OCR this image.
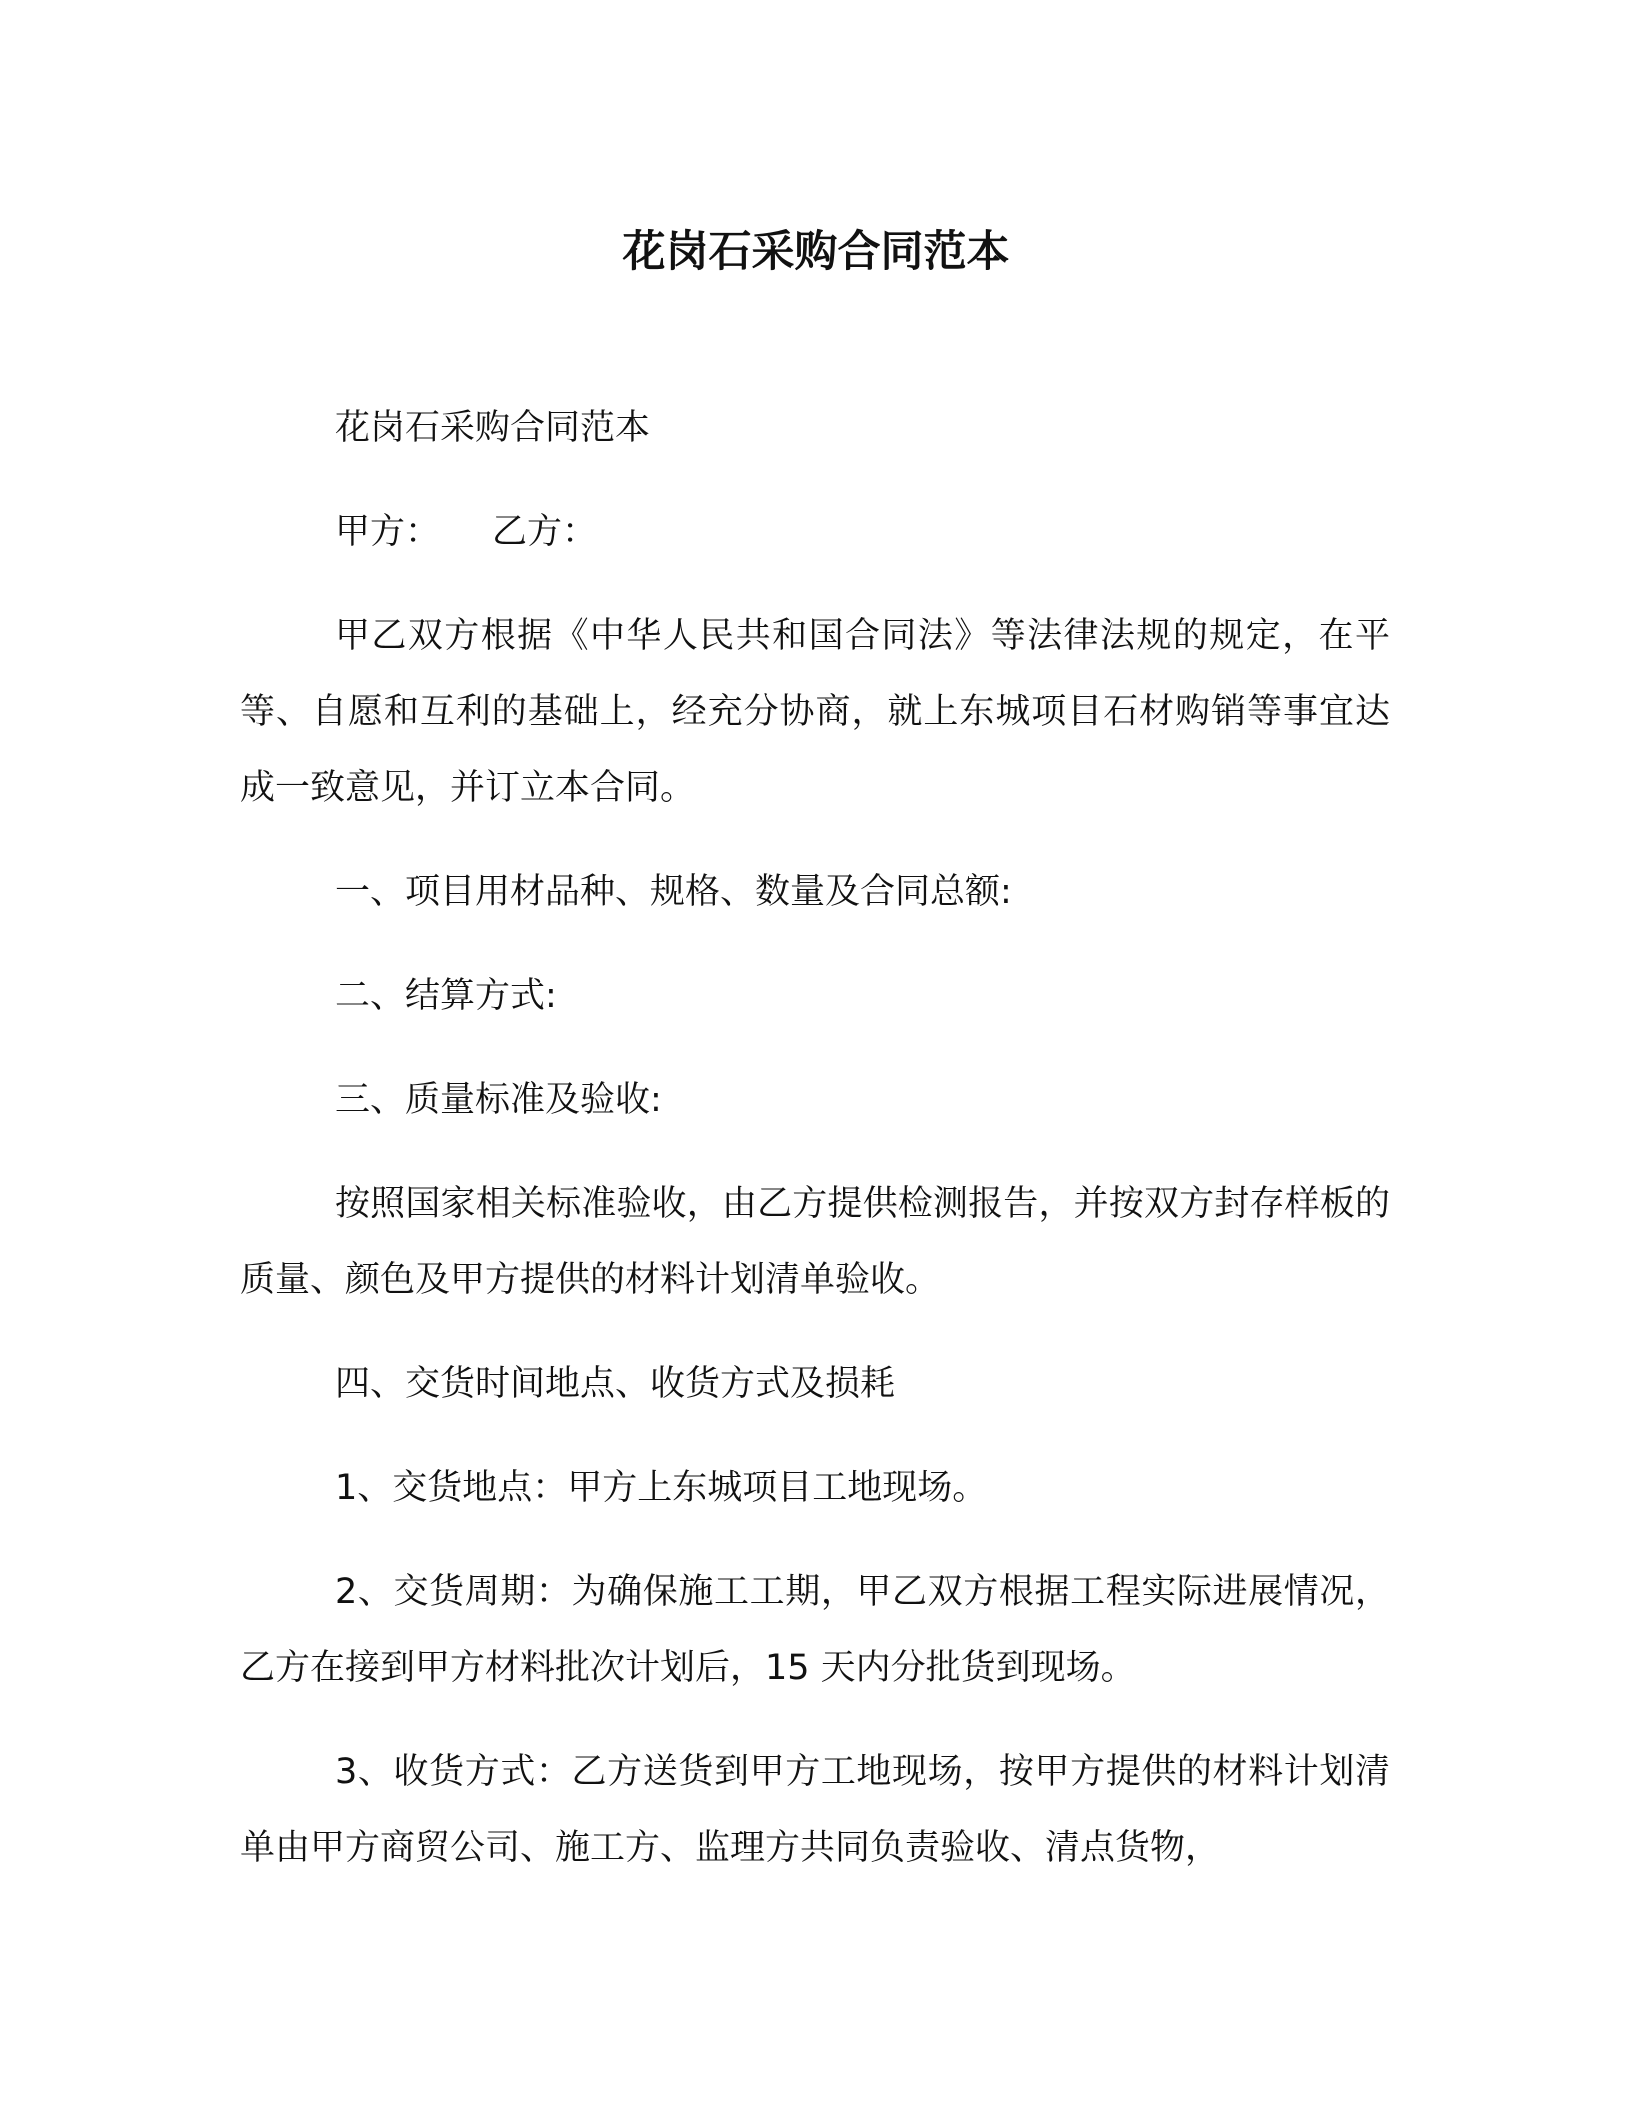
花岗石采购合同范本

花岗石采购合同范本

甲方： 乙方：

甲乙双方根据《中华人民共和国合同法》等法律法规的规定，在平等、自愿和互利的基础上，经充分协商，就上东城项目石材购销等事宜达成一致意见，并订立本合同。

一、项目用材品种、规格、数量及合同总额:

二、结算方式:

三、质量标准及验收:

按照国家相关标准验收，由乙方提供检测报告，并按双方封存样板的质量、颜色及甲方提供的材料计划清单验收。

四、交货时间地点、收货方式及损耗

1、交货地点：甲方上东城项目工地现场。

2、交货周期：为确保施工工期，甲乙双方根据工程实际进展情况，乙方在接到甲方材料批次计划后，15 天内分批货到现场。

3、收货方式：乙方送货到甲方工地现场，按甲方提供的材料计划清单由甲方商贸公司、施工方、监理方共同负责验收、清点货物，
